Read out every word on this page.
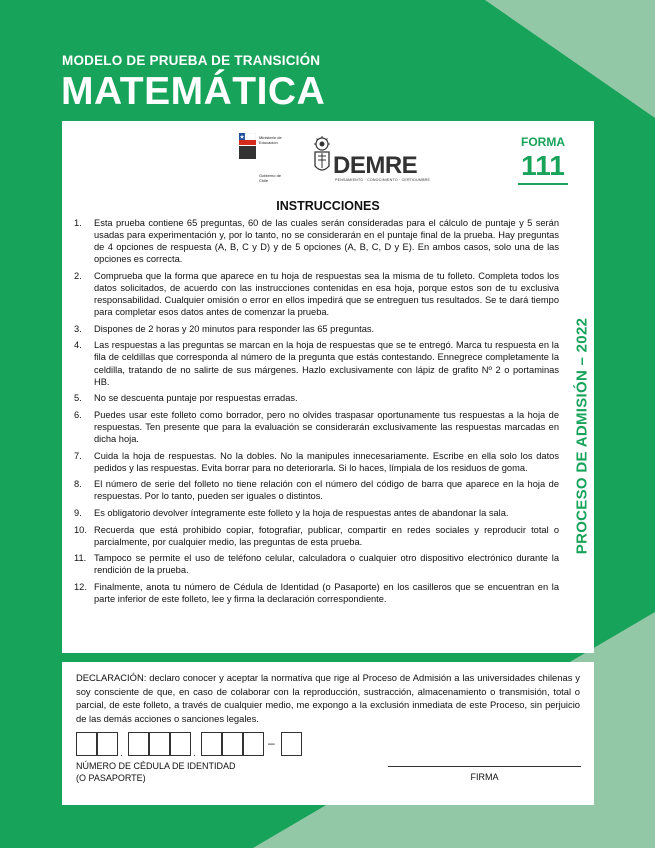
MODELO DE PRUEBA DE TRANSICIÓN
MATEMÁTICA
Ministerio de
Educación
Gobierno de Chile
DEMRE
PENSAMIENTO · CONOCIMIENTO · CERTIDUMBRE
FORMA
111
INSTRUCCIONES
1. Esta prueba contiene 65 preguntas, 60 de las cuales serán consideradas para el cálculo de puntaje y 5 serán usadas para experimentación y, por lo tanto, no se considerarán en el puntaje final de la prueba. Hay preguntas de 4 opciones de respuesta (A, B, C y D) y de 5 opciones (A, B, C, D y E). En ambos casos, solo una de las opciones es correcta.
2. Comprueba que la forma que aparece en tu hoja de respuestas sea la misma de tu folleto. Completa todos los datos solicitados, de acuerdo con las instrucciones contenidas en esa hoja, porque estos son de tu exclusiva responsabilidad. Cualquier omisión o error en ellos impedirá que se entreguen tus resultados. Se te dará tiempo para completar esos datos antes de comenzar la prueba.
3. Dispones de 2 horas y 20 minutos para responder las 65 preguntas.
4. Las respuestas a las preguntas se marcan en la hoja de respuestas que se te entregó. Marca tu respuesta en la fila de celdillas que corresponda al número de la pregunta que estás contestando. Ennegrece completamente la celdilla, tratando de no salirte de sus márgenes. Hazlo exclusivamente con lápiz de grafito Nº 2 o portaminas HB.
5. No se descuenta puntaje por respuestas erradas.
6. Puedes usar este folleto como borrador, pero no olvides traspasar oportunamente tus respuestas a la hoja de respuestas. Ten presente que para la evaluación se considerarán exclusivamente las respuestas marcadas en dicha hoja.
7. Cuida la hoja de respuestas. No la dobles. No la manipules innecesariamente. Escribe en ella solo los datos pedidos y las respuestas. Evita borrar para no deteriorarla. Si lo haces, límpiala de los residuos de goma.
8. El número de serie del folleto no tiene relación con el número del código de barra que aparece en la hoja de respuestas. Por lo tanto, pueden ser iguales o distintos.
9. Es obligatorio devolver íntegramente este folleto y la hoja de respuestas antes de abandonar la sala.
10. Recuerda que está prohibido copiar, fotografiar, publicar, compartir en redes sociales y reproducir total o parcialmente, por cualquier medio, las preguntas de esta prueba.
11. Tampoco se permite el uso de teléfono celular, calculadora o cualquier otro dispositivo electrónico durante la rendición de la prueba.
12. Finalmente, anota tu número de Cédula de Identidad (o Pasaporte) en los casilleros que se encuentran en la parte inferior de este folleto, lee y firma la declaración correspondiente.
PROCESO DE ADMISIÓN – 2022

DECLARACIÓN: declaro conocer y aceptar la normativa que rige al Proceso de Admisión a las universidades chilenas y soy consciente de que, en caso de colaborar con la reproducción, sustracción, almacenamiento o transmisión, total o parcial, de este folleto, a través de cualquier medio, me expongo a la exclusión inmediata de este Proceso, sin perjuicio de las demás acciones o sanciones legales.

.	.
–
NÚMERO DE CÉDULA DE IDENTIDAD
(O PASAPORTE)	FIRMA
